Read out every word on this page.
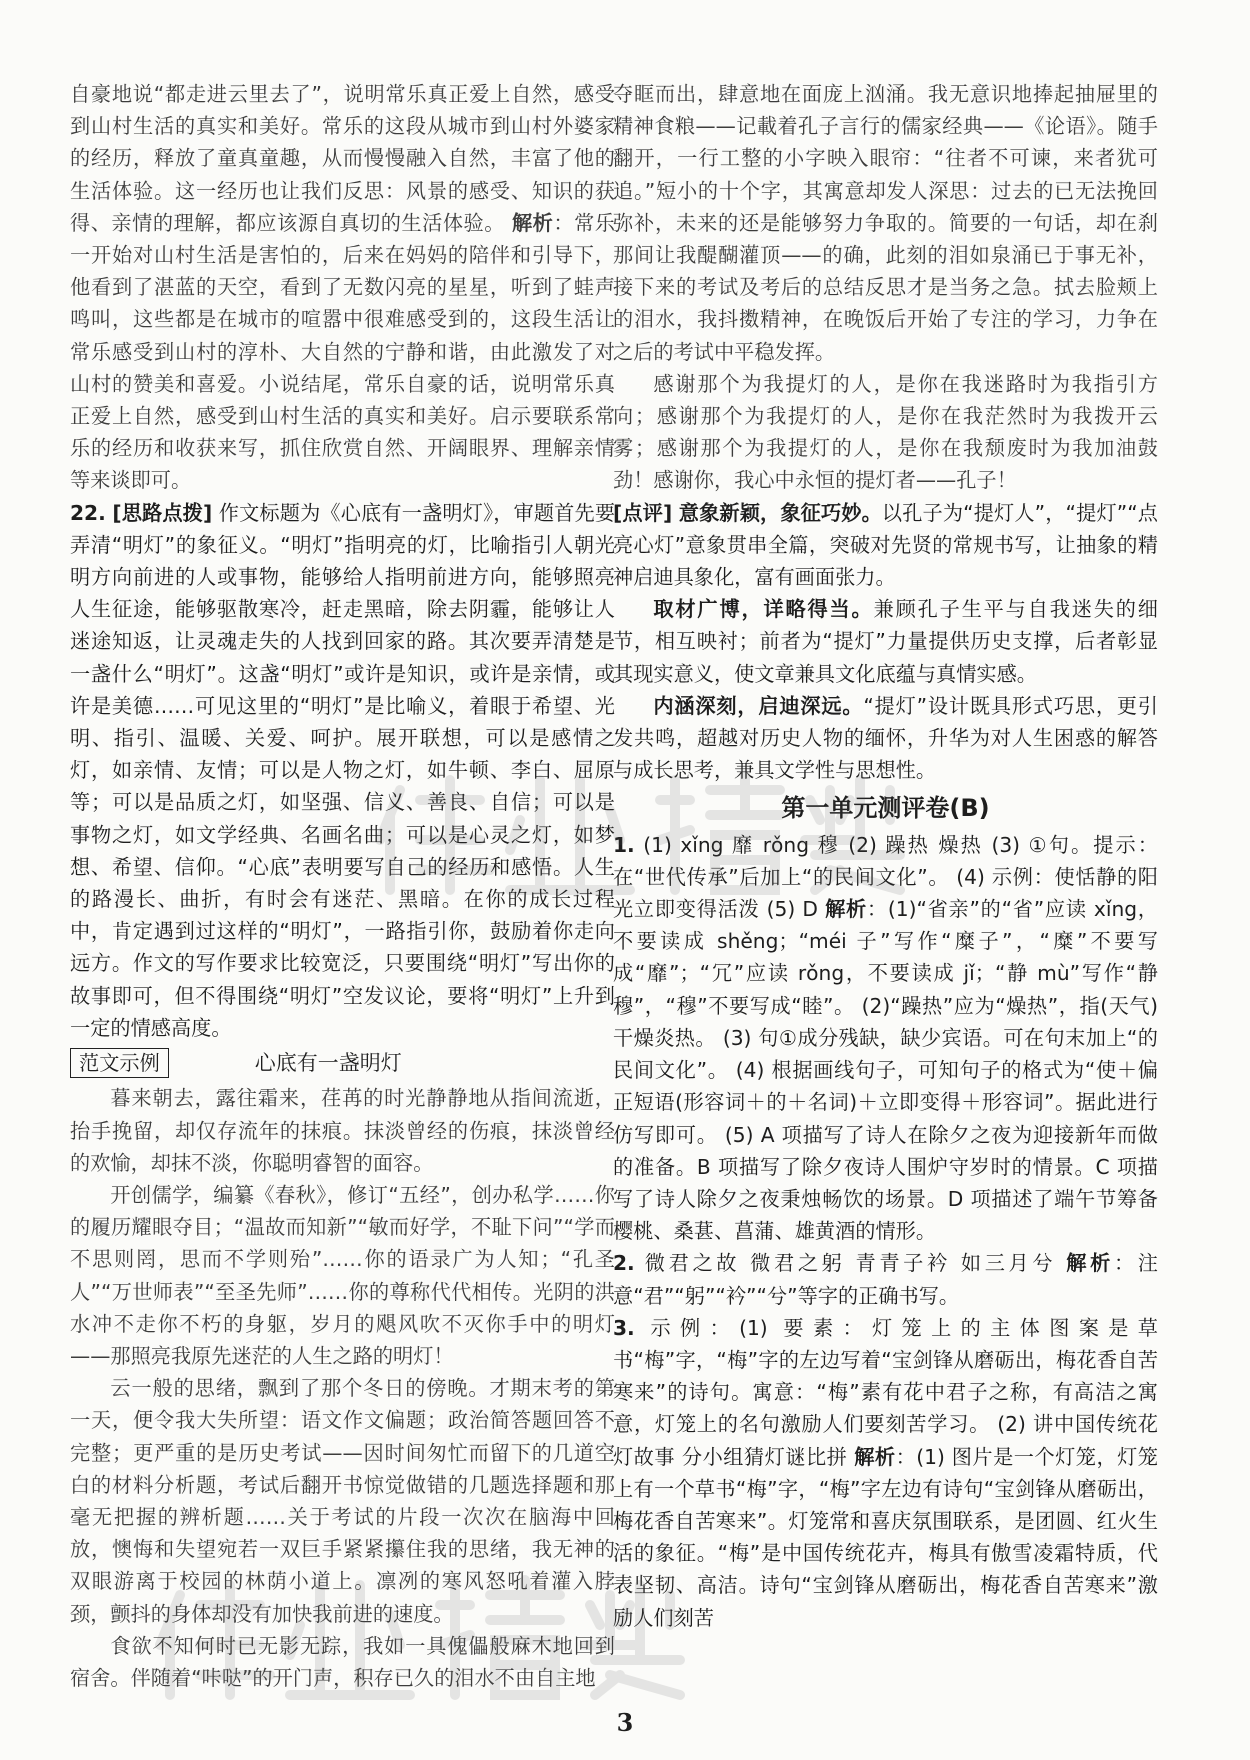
自豪地说“都走进云里去了”，说明常乐真正爱上自然，感受到山村生活的真实和美好。常乐的这段从城市到山村外婆家的经历，释放了童真童趣，从而慢慢融入自然，丰富了他的生活体验。这一经历也让我们反思：风景的感受、知识的获得、亲情的理解，都应该源自真切的生活体验。 解析：常乐一开始对山村生活是害怕的，后来在妈妈的陪伴和引导下，他看到了湛蓝的天空，看到了无数闪亮的星星，听到了蛙声鸣叫，这些都是在城市的喧嚣中很难感受到的，这段生活让常乐感受到山村的淳朴、大自然的宁静和谐，由此激发了对山村的赞美和喜爱。小说结尾，常乐自豪的话，说明常乐真正爱上自然，感受到山村生活的真实和美好。启示要联系常乐的经历和收获来写，抓住欣赏自然、开阔眼界、理解亲情等来谈即可。

22. [思路点拨] 作文标题为《心底有一盏明灯》，审题首先要弄清“明灯”的象征义。“明灯”指明亮的灯，比喻指引人朝光明方向前进的人或事物，能够给人指明前进方向，能够照亮人生征途，能够驱散寒冷，赶走黑暗，除去阴霾，能够让人迷途知返，让灵魂走失的人找到回家的路。其次要弄清楚是一盏什么“明灯”。这盏“明灯”或许是知识，或许是亲情，或许是美德……可见这里的“明灯”是比喻义，着眼于希望、光明、指引、温暖、关爱、呵护。展开联想，可以是感情之灯，如亲情、友情；可以是人物之灯，如牛顿、李白、屈原等；可以是品质之灯，如坚强、信义、善良、自信；可以是事物之灯，如文学经典、名画名曲；可以是心灵之灯，如梦想、希望、信仰。“心底”表明要写自己的经历和感悟。人生的路漫长、曲折，有时会有迷茫、黑暗。在你的成长过程中，肯定遇到过这样的“明灯”，一路指引你，鼓励着你走向远方。作文的写作要求比较宽泛，只要围绕“明灯”写出你的故事即可，但不得围绕“明灯”空发议论，要将“明灯”上升到一定的情感高度。

范文示例	心底有一盏明灯

暮来朝去，露往霜来，荏苒的时光静静地从指间流逝，抬手挽留，却仅存流年的抹痕。抹淡曾经的伤痕，抹淡曾经的欢愉，却抹不淡，你聪明睿智的面容。

开创儒学，编纂《春秋》，修订“五经”，创办私学……你的履历耀眼夺目；“温故而知新”“敏而好学，不耻下问”“学而不思则罔，思而不学则殆”……你的语录广为人知；“孔圣人”“万世师表”“至圣先师”……你的尊称代代相传。光阴的洪水冲不走你不朽的身躯，岁月的飓风吹不灭你手中的明灯——那照亮我原先迷茫的人生之路的明灯！

云一般的思绪，飘到了那个冬日的傍晚。才期末考的第一天，便令我大失所望：语文作文偏题；政治简答题回答不完整；更严重的是历史考试——因时间匆忙而留下的几道空白的材料分析题，考试后翻开书惊觉做错的几题选择题和那毫无把握的辨析题……关于考试的片段一次次在脑海中回放，懊悔和失望宛若一双巨手紧紧攥住我的思绪，我无神的双眼游离于校园的林荫小道上。凛冽的寒风怒吼着灌入脖颈，颤抖的身体却没有加快我前进的速度。

食欲不知何时已无影无踪，我如一具傀儡般麻木地回到宿舍。伴随着“咔哒”的开门声，积存已久的泪水不由自主地

夺眶而出，肆意地在面庞上汹涌。我无意识地捧起抽屉里的精神食粮——记載着孔子言行的儒家经典——《论语》。随手翻开，一行工整的小字映入眼帘：“往者不可谏，来者犹可追。”短小的十个字，其寓意却发人深思：过去的已无法挽回弥补，未来的还是能够努力争取的。简要的一句话，却在刹那间让我醍醐灌顶——的确，此刻的泪如泉涌已于事无补，接下来的考试及考后的总结反思才是当务之急。拭去脸颊上的泪水，我抖擞精神，在晚饭后开始了专注的学习，力争在之后的考试中平稳发挥。

感谢那个为我提灯的人，是你在我迷路时为我指引方向；感谢那个为我提灯的人，是你在我茫然时为我拨开云雾；感谢那个为我提灯的人，是你在我颓废时为我加油鼓劲！感谢你，我心中永恒的提灯者——孔子！

[点评] 意象新颖，象征巧妙。以孔子为“提灯人”，“提灯”“点亮心灯”意象贯串全篇，突破对先贤的常规书写，让抽象的精神启迪具象化，富有画面张力。

取材广博，详略得当。兼顾孔子生平与自我迷失的细节，相互映衬；前者为“提灯”力量提供历史支撑，后者彰显其现实意义，使文章兼具文化底蕴与真情实感。

内涵深刻，启迪深远。“提灯”设计既具形式巧思，更引发共鸣，超越对历史人物的缅怀，升华为对人生困惑的解答与成长思考，兼具文学性与思想性。

第一单元测评卷(B)

1. (1) xǐng 靡 rǒng 穆 (2) 躁热 燥热 (3) ①句。提示：在“世代传承”后加上“的民间文化”。 (4) 示例：使恬静的阳光立即变得活泼 (5) D 解析：(1)“省亲”的“省”应读 xǐng，不要读成 shěng；“méi 子”写作“糜子”，“糜”不要写成“靡”；“冗”应读 rǒng，不要读成 jǐ；“静 mù”写作“静穆”，“穆”不要写成“睦”。 (2)“躁热”应为“燥热”，指(天气)干燥炎热。 (3) 句①成分残缺，缺少宾语。可在句末加上“的民间文化”。 (4) 根据画线句子，可知句子的格式为“使＋偏正短语(形容词＋的＋名词)＋立即变得＋形容词”。据此进行仿写即可。 (5) A 项描写了诗人在除夕之夜为迎接新年而做的准备。B 项描写了除夕夜诗人围炉守岁时的情景。C 项描写了诗人除夕之夜秉烛畅饮的场景。D 项描述了端午节筹备樱桃、桑葚、菖蒲、雄黄酒的情形。

2. 微君之故 微君之躬 青青子衿 如三月兮 解析：注意“君”“躬”“衿”“兮”等字的正确书写。

3. 示例：(1) 要素：灯笼上的主体图案是草书“梅”字，“梅”字的左边写着“宝剑锋从磨砺出，梅花香自苦寒来”的诗句。寓意：“梅”素有花中君子之称，有高洁之寓意，灯笼上的名句激励人们要刻苦学习。 (2) 讲中国传统花灯故事 分小组猜灯谜比拼 解析：(1) 图片是一个灯笼，灯笼上有一个草书“梅”字，“梅”字左边有诗句“宝剑锋从磨砺出，梅花香自苦寒来”。灯笼常和喜庆氛围联系，是团圆、红火生活的象征。“梅”是中国传统花卉，梅具有傲雪凌霜特质，代表坚韧、高洁。诗句“宝剑锋从磨砺出，梅花香自苦寒来”激励人们刻苦

3
